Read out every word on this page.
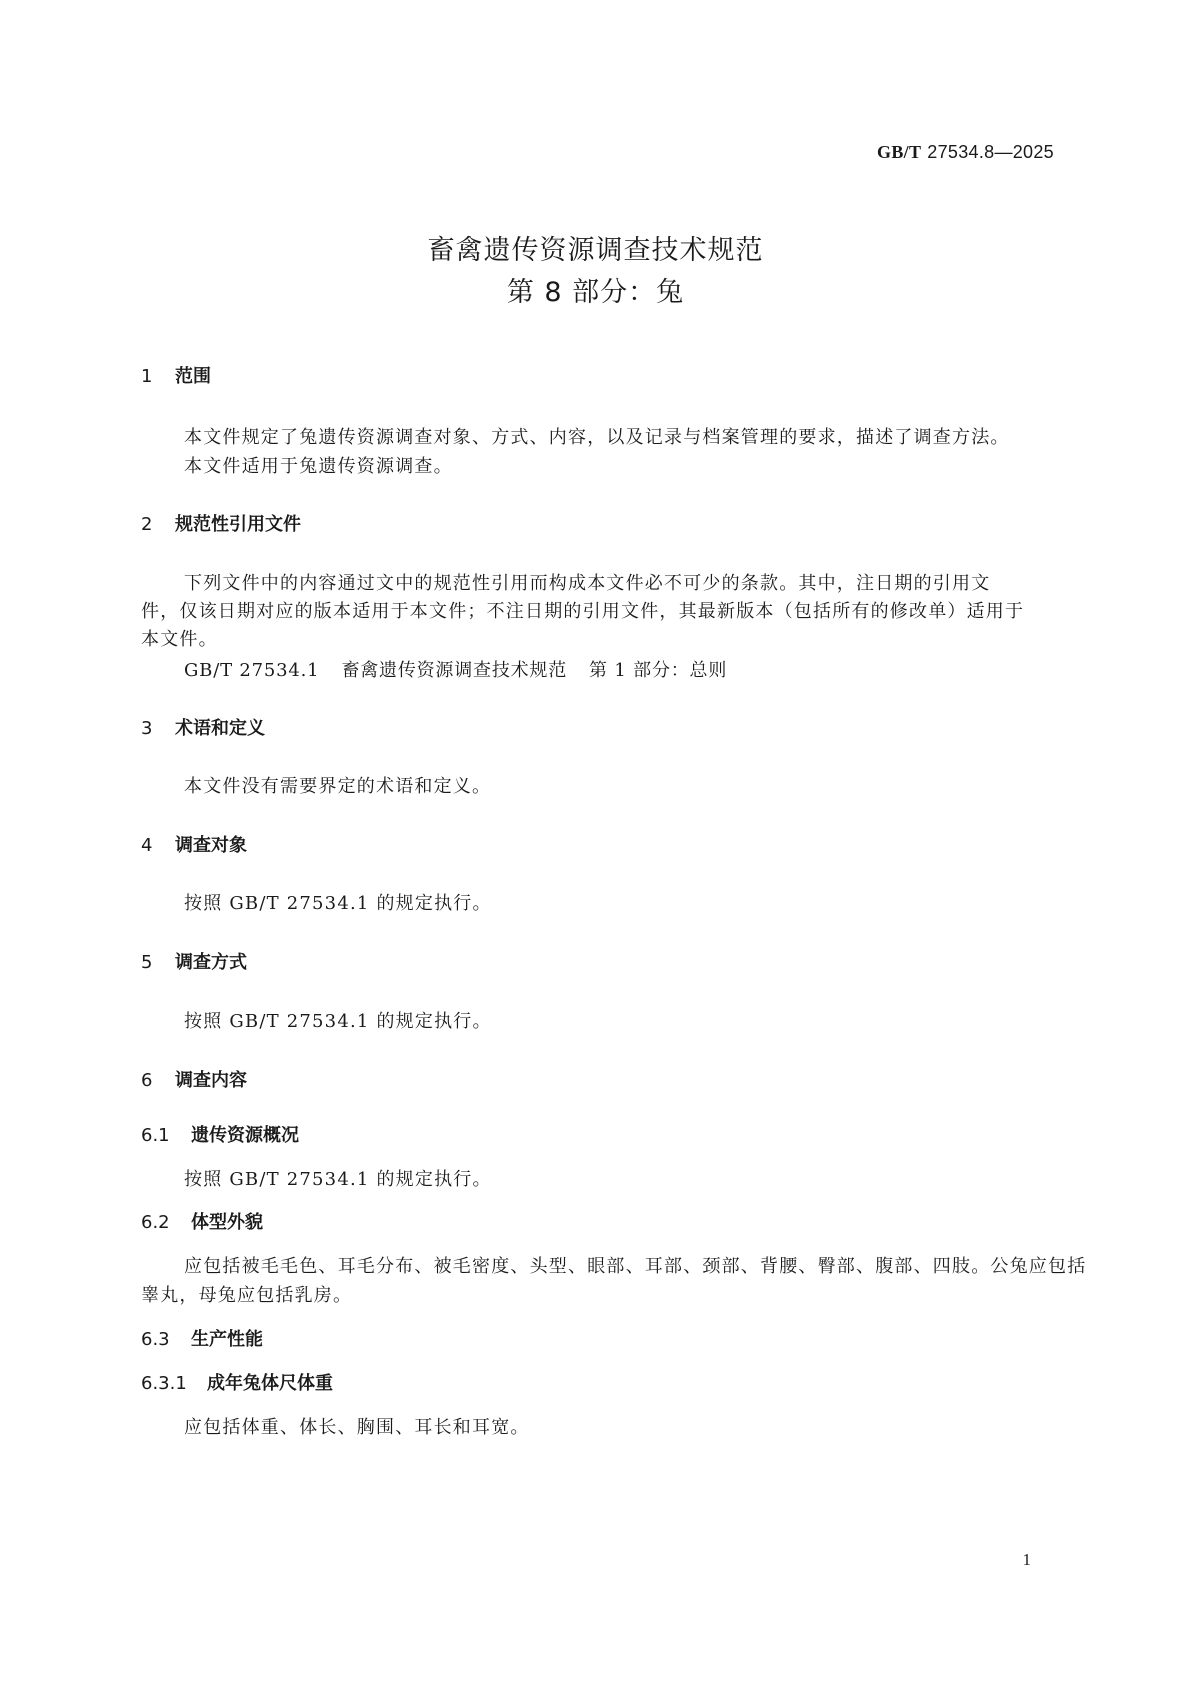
GB/T 27534.8—2025
畜禽遗传资源调查技术规范
第 8 部分：兔
1 范围
本文件规定了兔遗传资源调查对象、方式、内容，以及记录与档案管理的要求，描述了调查方法。
本文件适用于兔遗传资源调查。
2 规范性引用文件
下列文件中的内容通过文中的规范性引用而构成本文件必不可少的条款。其中，注日期的引用文
件，仅该日期对应的版本适用于本文件；不注日期的引用文件，其最新版本（包括所有的修改单）适用于
本文件。
GB/T 27534.1 畜禽遗传资源调查技术规范 第 1 部分：总则
3 术语和定义
本文件没有需要界定的术语和定义。
4 调查对象
按照 GB/T 27534.1 的规定执行。
5 调查方式
按照 GB/T 27534.1 的规定执行。
6 调查内容
6.1 遗传资源概况
按照 GB/T 27534.1 的规定执行。
6.2 体型外貌
应包括被毛毛色、耳毛分布、被毛密度、头型、眼部、耳部、颈部、背腰、臀部、腹部、四肢。公兔应包括
睾丸，母兔应包括乳房。
6.3 生产性能
6.3.1 成年兔体尺体重
应包括体重、体长、胸围、耳长和耳宽。
1
